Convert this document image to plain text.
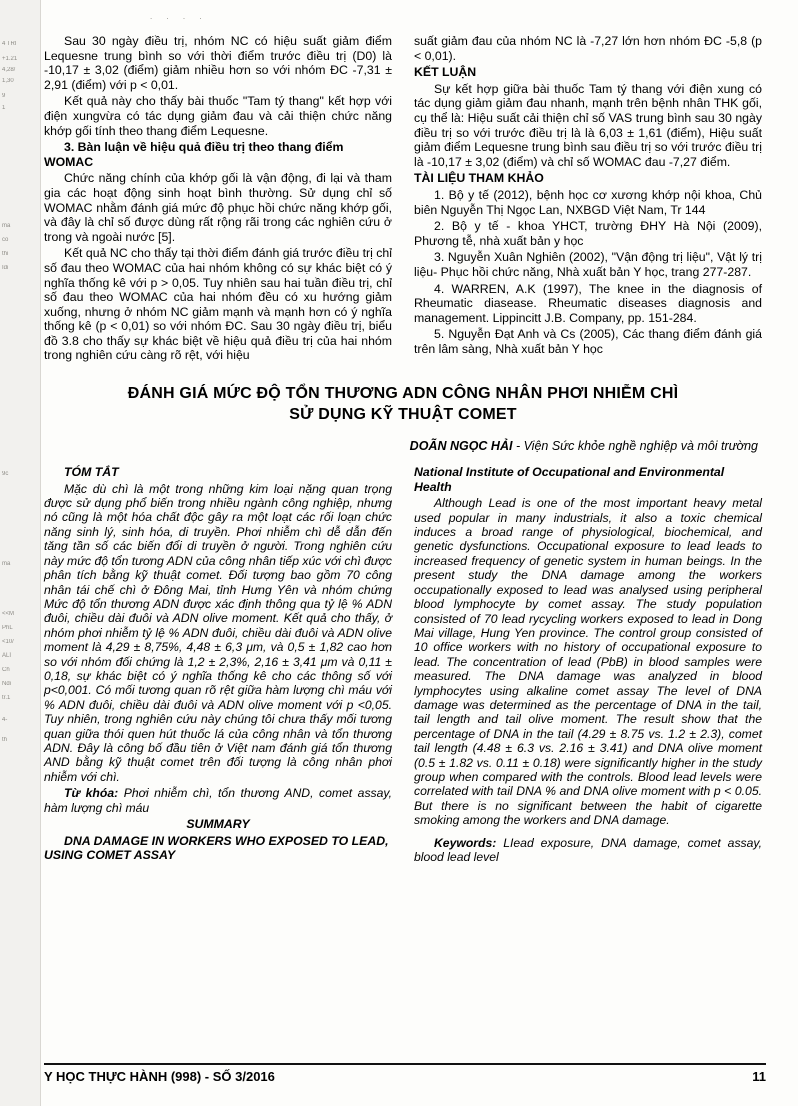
4 TRI
+1.21
4,28/
1,30
9
1
ma
co
thi
Idi
9c
ma
<<M
PhL
<10/
ALÍ
Ch
Ndi
tr.1
4-
th
. . . .

Sau 30 ngày điều trị, nhóm NC có hiệu suất giảm điểm Lequesne trung bình so với thời điểm trước điều trị (D0) là -10,17 ± 3,02 (điểm) giảm nhiều hơn so với nhóm ĐC -7,31 ± 2,91 (điểm) với p < 0,01.

Kết quả này cho thấy bài thuốc "Tam tý thang" kết hợp với điện xungvừa có tác dụng giảm đau và cải thiện chức năng khớp gối tính theo thang điểm Lequesne.

3. Bàn luận về hiệu quả điều trị theo thang điểm WOMAC

Chức năng chính của khớp gối là vận động, đi lại và tham gia các hoạt động sinh hoạt bình thường. Sử dụng chỉ số WOMAC nhằm đánh giá mức độ phục hồi chức năng khớp gối, và đây là chỉ số được dùng rất rộng rãi trong các nghiên cứu ở trong và ngoài nước [5].

Kết quả NC cho thấy tại thời điểm đánh giá trước điều trị chỉ số đau theo WOMAC của hai nhóm không có sự khác biệt có ý nghĩa thống kê với p > 0,05. Tuy nhiên sau hai tuần điều trị, chỉ số đau theo WOMAC của hai nhóm đều có xu hướng giảm xuống, nhưng ở nhóm NC giảm mạnh và mạnh hơn có ý nghĩa thống kê (p < 0,01) so với nhóm ĐC. Sau 30 ngày điều trị, biểu đồ 3.8 cho thấy sự khác biệt về hiệu quả điều trị của hai nhóm trong nghiên cứu càng rõ rệt, với hiệu

suất giảm đau của nhóm NC là -7,27 lớn hơn nhóm ĐC -5,8 (p < 0,01).

KẾT LUẬN

Sự kết hợp giữa bài thuốc Tam tý thang với điện xung có tác dụng giảm giảm đau nhanh, mạnh trên bệnh nhân THK gối, cụ thể là: Hiệu suất cải thiện chỉ số VAS trung bình sau 30 ngày điều trị so với trước điều trị là là 6,03 ± 1,61 (điểm), Hiệu suất giảm điểm Lequesne trung bình sau điều trị so với trước điều trị là -10,17 ± 3,02 (điểm) và chỉ số WOMAC đau -7,27 điểm.

TÀI LIỆU THAM KHẢO

1. Bộ y tế (2012), bệnh học cơ xương khớp nội khoa, Chủ biên Nguyễn Thị Ngọc Lan, NXBGD Việt Nam, Tr 144

2. Bộ y tế - khoa YHCT, trường ĐHY Hà Nội (2009), Phương tễ, nhà xuất bản y học

3. Nguyễn Xuân Nghiên (2002), "Vận động trị liệu", Vật lý trị liệu- Phục hồi chức năng, Nhà xuất bản Y học, trang 277-287.

4. WARREN, A.K (1997), The knee in the diagnosis of Rheumatic diasease. Rheumatic diseases diagnosis and management. Lippincitt J.B. Company, pp. 151-284.

5. Nguyễn Đạt Anh và Cs (2005), Các thang điểm đánh giá trên lâm sàng, Nhà xuất bản Y học

ĐÁNH GIÁ MỨC ĐỘ TỔN THƯƠNG ADN CÔNG NHÂN PHƠI NHIỄM CHÌ
SỬ DỤNG KỸ THUẬT COMET
DOÃN NGỌC HẢI - Viện Sức khỏe nghề nghiệp và môi trường
TÓM TẮT

Mặc dù chì là một trong những kim loại nặng quan trọng được sử dụng phổ biến trong nhiều ngành công nghiệp, nhưng nó cũng là một hóa chất độc gây ra một loạt các rối loạn chức năng sinh lý, sinh hóa, di truyền. Phơi nhiễm chì dễ dẫn đến tăng tần số các biến đổi di truyền ở người. Trong nghiên cứu này mức độ tổn tương ADN của công nhân tiếp xúc với chì được phân tích bằng kỹ thuật comet. Đối tượng bao gồm 70 công nhân tái chế chì ở Đông Mai, tỉnh Hưng Yên và nhóm chứng Mức độ tổn thương ADN được xác định thông qua tỷ lệ % ADN đuôi, chiều dài đuôi và ADN olive moment. Kết quả cho thấy, ở nhóm phơi nhiễm tỷ lệ % ADN đuôi, chiều dài đuôi và ADN olive moment là 4,29 ± 8,75%, 4,48 ± 6,3 μm, và 0,5 ± 1,82 cao hơn so với nhóm đối chứng là 1,2 ± 2,3%, 2,16 ± 3,41 μm và 0,11 ± 0,18, sự khác biệt có ý nghĩa thống kê cho các thông số với p<0,001. Có mối tương quan rõ rệt giữa hàm lượng chì máu với % ADN đuôi, chiều dài đuôi và ADN olive moment với p <0,05. Tuy nhiên, trong nghiên cứu này chúng tôi chưa thấy mối tương quan giữa thói quen hút thuốc lá của công nhân và tổn thương ADN. Đây là công bố đầu tiên ở Việt nam đánh giá tổn thương AND bằng kỹ thuật comet trên đối tượng là công nhân phơi nhiễm với chì.

Từ khóa: Phơi nhiễm chì, tổn thương AND, comet assay, hàm lượng chì máu

SUMMARY
DNA DAMAGE IN WORKERS WHO EXPOSED TO LEAD, USING COMET ASSAY
National Institute of Occupational and Environmental Health

Although Lead is one of the most important heavy metal used popular in many industrials, it also a toxic chemical induces a broad range of physiological, biochemical, and genetic dysfunctions. Occupational exposure to lead leads to increased frequency of genetic system in human beings. In the present study the DNA damage among the workers occupationally exposed to lead was analysed using peripheral blood lymphocyte by comet assay. The study population consisted of 70 lead rycycling workers exposed to lead in Dong Mai village, Hung Yen province. The control group consisted of 10 office workers with no history of occupational exposure to lead. The concentration of lead (PbB) in blood samples were measured. The DNA damage was analyzed in blood lymphocytes using alkaline comet assay The level of DNA damage was determined as the percentage of DNA in the tail, tail length and tail olive moment. The result show that the percentage of DNA in the tail (4.29 ± 8.75 vs. 1.2 ± 2.3), comet tail length (4.48 ± 6.3 vs. 2.16 ± 3.41) and DNA olive moment (0.5 ± 1.82 vs. 0.11 ± 0.18) were significantly higher in the study group when compared with the controls. Blood lead levels were correlated with tail DNA % and DNA olive moment with p < 0.05. But there is no significant between the habit of cigarette smoking among the workers and DNA damage.

Keywords: LIead exposure, DNA damage, comet assay, blood lead level

Y HỌC THỰC HÀNH (998) - SỐ 3/2016	11
